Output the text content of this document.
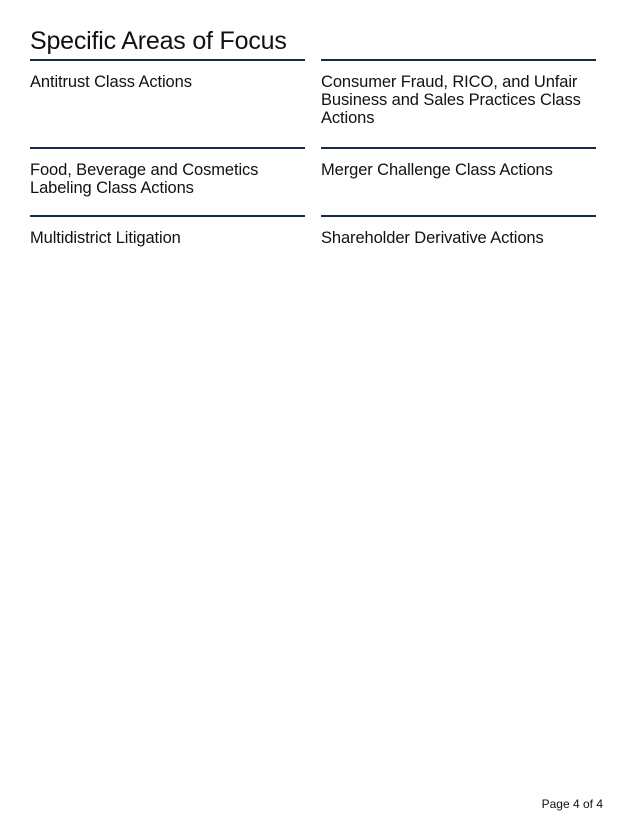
Specific Areas of Focus
Antitrust Class Actions	Consumer Fraud, RICO, and Unfair Business and Sales Practices Class Actions
Food, Beverage and Cosmetics Labeling Class Actions
Merger Challenge Class Actions
Multidistrict Litigation	Shareholder Derivative Actions
Page 4 of 4
